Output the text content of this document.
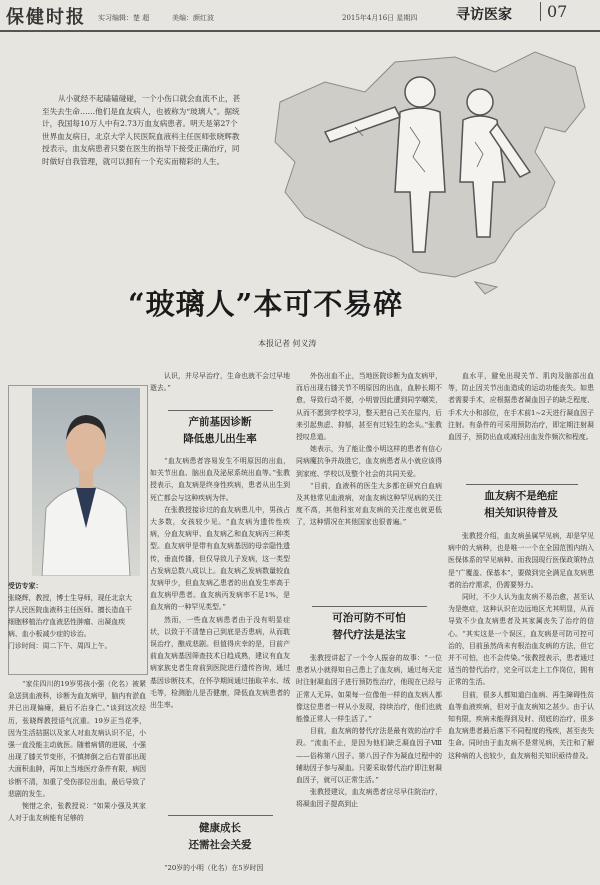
保健时报 实习编辑：楚 超	美编：颜红波	2015年4月16日 星期四	寻访医家	07
从小就经不起磕磕碰碰，一个小伤口就会血流不止，甚至失去生命……他们是血友病人，也被称为“玻璃人”。据统计，我国每10万人中有2.73万血友病患者。明天是第27个世界血友病日，北京大学人民医院血液科主任医师张晓辉教授表示，血友病患者只要在医生的指导下接受正确治疗，同时做好自我管理，就可以拥有一个充实而精彩的人生。
“玻璃人”本可不易碎
本报记者 何义涛
受访专家：
张晓辉，教授，博士生导师，现任北京大学人民医院血液科主任医师。擅长造血干细胞移植治疗血液恶性肿瘤、出凝血疾病、血小板减少症的诊治。
门诊时间：周二下午、周四上午。

“家住四川的19岁男孩小强（化名）被紧急送到血液科，诊断为血友病甲，脑内有淤血并已出现偏瘫，最后不治身亡。”谈到这次经历，张晓辉教授语气沉重。19岁正当花季，因为生活拮据以及家人对血友病认识不足，小强一直没能主动就医。随着病情的进展，小强出现了膝关节变形，不慎摔倒之后右胃部出现大面积血肿，再加上当地医疗条件有限，病因诊断不清，加重了受伤部位出血，最后导致了悲剧的发生。

惋惜之余，张教授说：“如果小强及其家人对于血友病能有足够的

认识，并尽早治疗，生命也就不会过早地逝去。”

产前基因诊断
降低患儿出生率

“血友病患者容易发生不明原因的出血，如关节出血、脑出血及泌尿系统出血等。”张教授表示，血友病是终身性疾病，患者从出生到死亡都会与这种疾病为伴。

在张教授接诊过的血友病患儿中，男孩占大多数，女孩较少见。“血友病为遗传性疾病，分血友病甲、血友病乙和血友病丙三种类型。血友病甲是带有血友病基因的母亲隐性遗传，垂直传播，但仅导致儿子发病，这一类型占发病总数八成以上。血友病乙发病数量较血友病甲少，但血友病乙患者的出血发生率高于血友病甲患者。血友病丙发病率不足1%，是血友病的一种罕见类型。”

然而，一些血友病患者由于没有明显症状，以致于不清楚自己到底是否患病，从而耽误治疗，酿成悲剧。但值得庆幸的是，目前产前血友病基因筛查技术日趋成熟，建议有血友病家族史者生育前到医院进行遗传咨询，通过基因诊断技术，在怀孕期间通过抽取羊水、绒毛等，检测胎儿是否健康，降低血友病患者的出生率。

健康成长
还需社会关爱

“20岁的小明（化名）在5岁时因

外伤出血不止，当地医院诊断为血友病甲，而后出现右膝关节不明原因的出血，血肿长期不愈，导致行动不便，小明曾因此遭到同学嘲笑，从而不愿到学校学习，整天把自己关在屋内，后来引起焦虑、抑郁，甚至有过轻生的念头。”张教授叹息道。

她表示，为了能让像小明这样的患者有信心同病魔抗争并战胜它，血友病患者从小就应该得到家庭、学校以及整个社会的共同关爱。

“目前，血液科的医生大多都在研究白血病及其他常见血液病，对血友病这种罕见病的关注度不高，其他科室对血友病的关注度也就更低了，这种情况在其他国家也很普遍。”

可治可防不可怕
替代疗法是法宝

张教授讲起了一个令人振奋的故事：“一位患者从小就得知自己患上了血友病，通过每天定时注射凝血因子进行预防性治疗，他现在已经与正常人无异。如果每一位像他一样的血友病人都像这位患者一样从小发现，持续治疗，他们也就能像正常人一样生活了。”

目前，血友病的替代疗法是最有效的治疗手段。“流血不止，是因为他们缺乏凝血因子Ⅷ——俗称第八因子。第八因子作为凝血过程中的辅助因子参与凝血。只要采取替代治疗即注射凝血因子，就可以正常生活。”

张教授建议，血友病患者应尽早住院治疗，将凝血因子提高到止

血水平，避免出现关节、肌肉及脑部出血等，防止因关节出血造成的运动功能丧失。如患者需要手术，应根据患者凝血因子的缺乏程度、手术大小和部位，在手术前1~2天进行凝血因子注射。有条件的可采用预防治疗，即定期注射凝血因子，预防出血或减轻出血发作频次和程度。

血友病不是绝症
相关知识待普及

张教授介绍，血友病虽属罕见病，却是罕见病中的大病种，也是唯一一个在全国范围内纳入医保体系的罕见病种。而我国现行医保政策特点是“广覆盖、保基本”，要做到完全满足血友病患者的治疗需求，仍需要努力。

同时，不少人认为血友病不易治愈，甚至认为是绝症，这种认识在边远地区尤其明显，从而导致不少血友病患者及其家属丧失了治疗的信心。“其实这是一个误区，血友病是可防可控可治的，目前虽然尚未有根治血友病的方法，但它并不可怕，也不会传染。”张教授表示，患者通过适当的替代治疗，完全可以走上工作岗位，拥有正常的生活。

目前，很多人都知道白血病、再生障碍性贫血等血液疾病，但对于血友病知之甚少。由于认知有限，疾病未能得到及时、彻底的治疗，很多血友病患者最后落下不同程度的残疾，甚至丧失生命。同时由于血友病不是常见病，关注和了解这种病的人也较少，血友病相关知识亟待普及。
